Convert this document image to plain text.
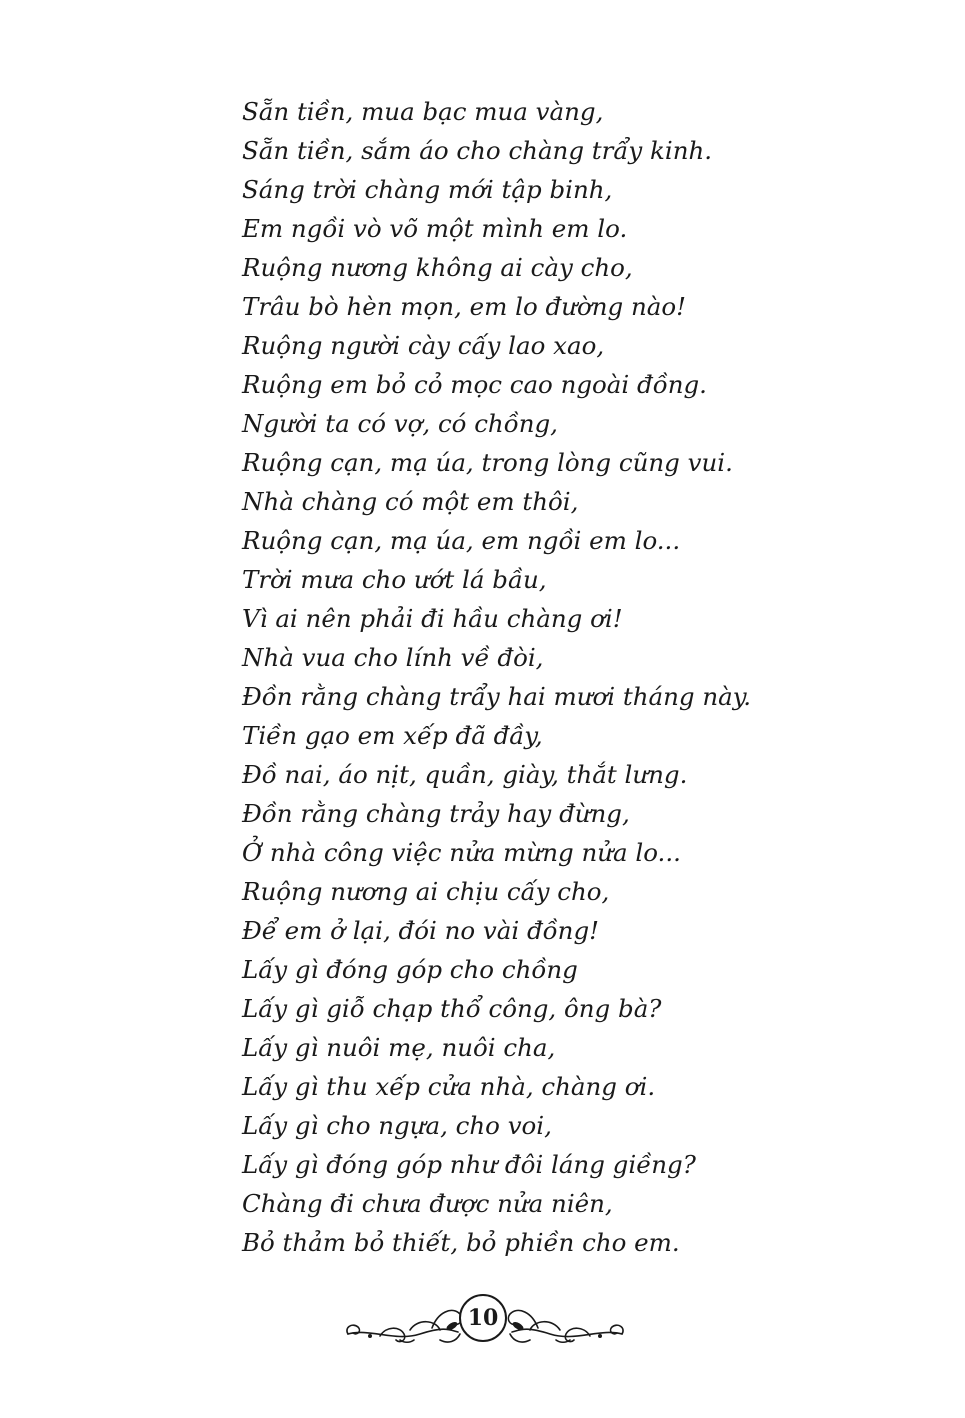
Sẵn tiền, mua bạc mua vàng,
Sẵn tiền, sắm áo cho chàng trẩy kinh.
Sáng trời chàng mới tập binh,
Em ngồi vò võ một mình em lo.
Ruộng nương không ai cày cho,
Trâu bò hèn mọn, em lo đường nào!
Ruộng người cày cấy lao xao,
Ruộng em bỏ cỏ mọc cao ngoài đồng.
Người ta có vợ, có chồng,
Ruộng cạn, mạ úa, trong lòng cũng vui.
Nhà chàng có một em thôi,
Ruộng cạn, mạ úa, em ngồi em lo...
Trời mưa cho ướt lá bầu,
Vì ai nên phải đi hầu chàng ơi!
Nhà vua cho lính về đòi,
Đồn rằng chàng trẩy hai mươi tháng này.
Tiền gạo em xếp đã đầy,
Đồ nai, áo nịt, quần, giày, thắt lưng.
Đồn rằng chàng trảy hay đừng,
Ở nhà công việc nửa mừng nửa lo...
Ruộng nương ai chịu cấy cho,
Để em ở lại, đói no vài đồng!
Lấy gì đóng góp cho chồng
Lấy gì giỗ chạp thổ công, ông bà?
Lấy gì nuôi mẹ, nuôi cha,
Lấy gì thu xếp cửa nhà, chàng ơi.
Lấy gì cho ngựa, cho voi,
Lấy gì đóng góp như đôi láng giềng?
Chàng đi chưa được nửa niên,
Bỏ thảm bỏ thiết, bỏ phiền cho em.
10
